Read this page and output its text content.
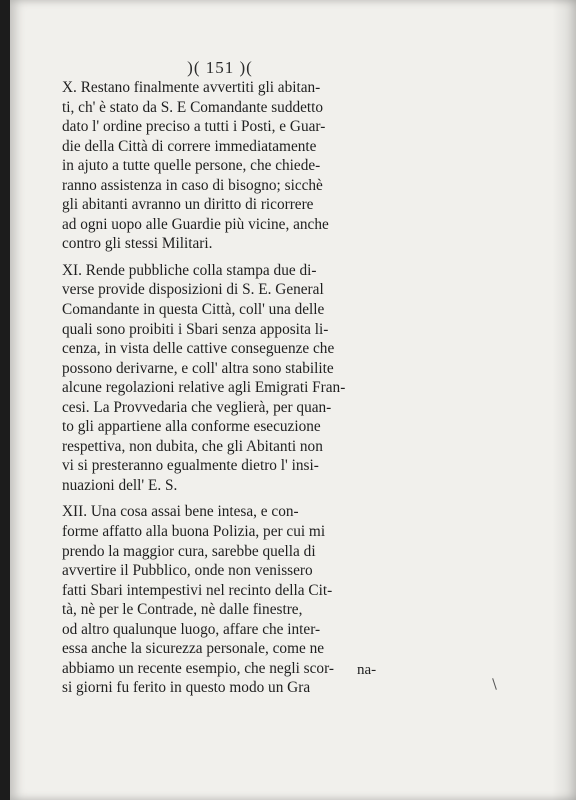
)( 151 )(
X. Restano finalmente avvertiti gli abitan-
ti, ch' è stato da S. E Comandante suddetto
dato l' ordine preciso a tutti i Posti, e Guar-
die della Città di correre immediatamente
in ajuto a tutte quelle persone, che chiede-
ranno assistenza in caso di bisogno; sicchè
gli abitanti avranno un diritto di ricorrere
ad ogni uopo alle Guardie più vicine, anche
contro gli stessi Militari.
XI. Rende pubbliche colla stampa due di-
verse provide disposizioni di S. E. General
Comandante in questa Città, coll' una delle
quali sono proibiti i Sbari senza apposita li-
cenza, in vista delle cattive conseguenze che
possono derivarne, e coll' altra sono stabilite
alcune regolazioni relative agli Emigrati Fran-
cesi. La Provvedaria che veglierà, per quan-
to gli appartiene alla conforme esecuzione
respettiva, non dubita, che gli Abitanti non
vi si presteranno egualmente dietro l' insi-
nuazioni dell' E. S.
XII. Una cosa assai bene intesa, e con-
forme affatto alla buona Polizia, per cui mi
prendo la maggior cura, sarebbe quella di
avvertire il Pubblico, onde non venissero
fatti Sbari intempestivi nel recinto della Cit-
tà, nè per le Contrade, nè dalle finestre,
od altro qualunque luogo, affare che inter-
essa anche la sicurezza personale, come ne
abbiamo un recente esempio, che negli scor-
si giorni fu ferito in questo modo un Gra
na-
